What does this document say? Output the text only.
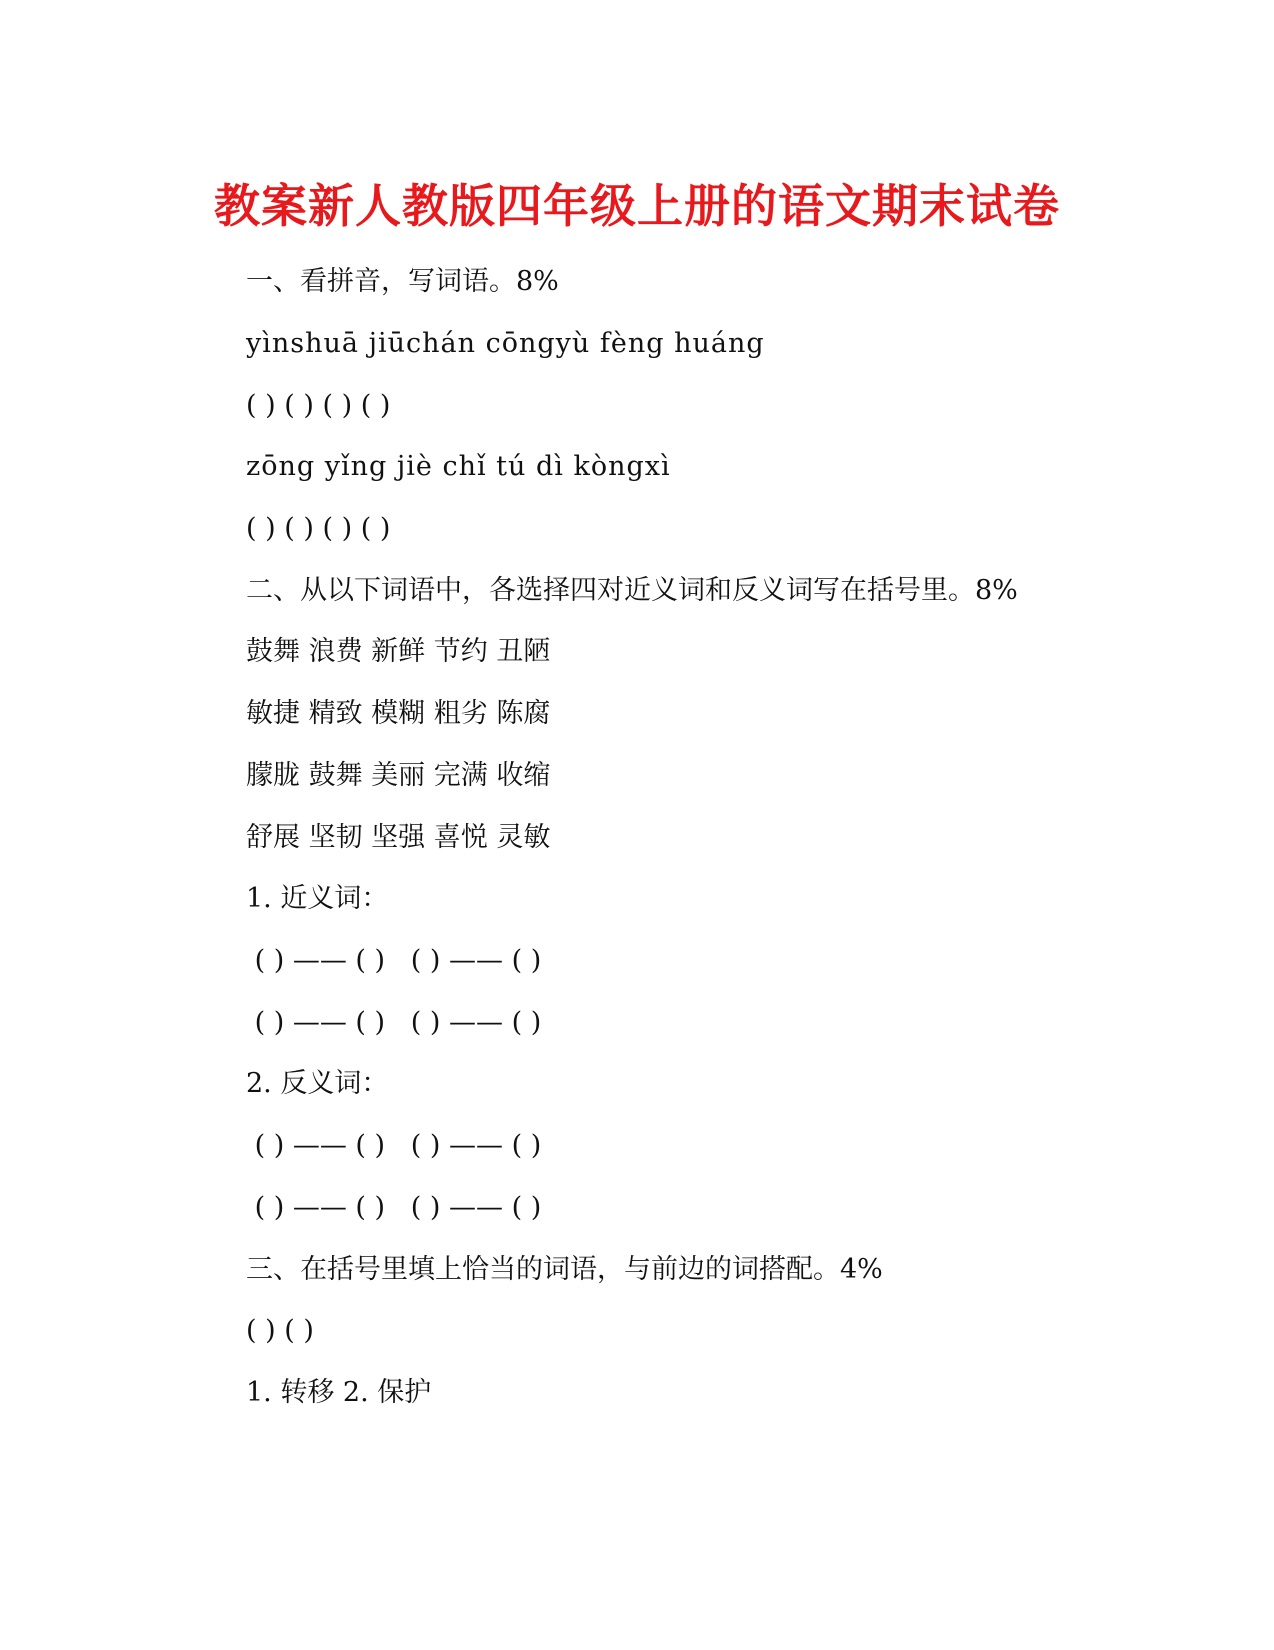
教案新人教版四年级上册的语文期末试卷
一、看拼音，写词语。8%
yìnshuā jiūchán cōngyù fèng huáng
( ) ( ) ( ) ( )
zōng yǐng jiè chǐ tú dì kòngxì
( ) ( ) ( ) ( )
二、从以下词语中，各选择四对近义词和反义词写在括号里。8%
鼓舞 浪费 新鲜 节约 丑陋
敏捷 精致 模糊 粗劣 陈腐
朦胧 鼓舞 美丽 完满 收缩
舒展 坚韧 坚强 喜悦 灵敏
1. 近义词：
( ) —— ( )   ( ) —— ( )
( ) —— ( )   ( ) —— ( )
2. 反义词：
( ) —— ( )   ( ) —— ( )
( ) —— ( )   ( ) —— ( )
三、在括号里填上恰当的词语，与前边的词搭配。4%
( ) ( )
1. 转移 2. 保护
